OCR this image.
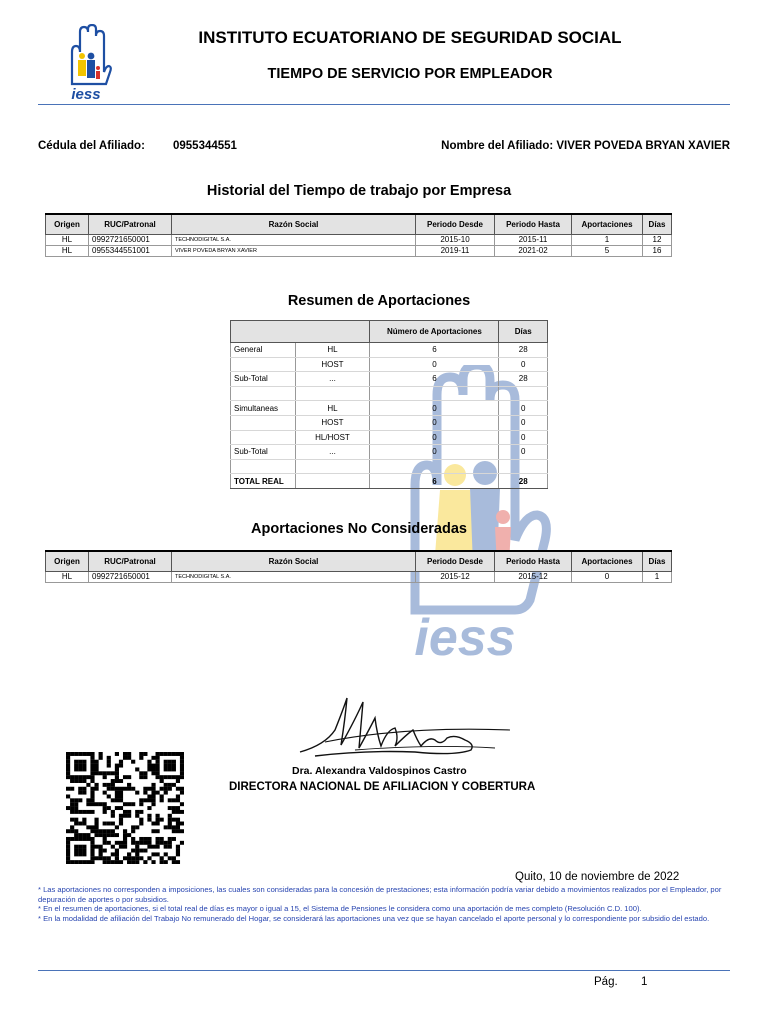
iess
iess
INSTITUTO ECUATORIANO DE SEGURIDAD SOCIAL
TIEMPO DE SERVICIO POR EMPLEADOR
Cédula del Afiliado: 0955344551	Nombre del Afiliado: VIVER POVEDA BRYAN XAVIER
Historial del Tiempo de trabajo por Empresa
Origen	RUC/Patronal	Razón Social	Periodo Desde	Periodo Hasta	Aportaciones	Días
HL	0992721650001	TECHNODIGITAL S.A.	2015-10	2015-11	1	12
HL	0955344551001	VIVER POVEDA BRYAN XAVIER	2019-11	2021-02	5	16
Resumen de Aportaciones
		Número de Aportaciones	Días
General	HL	6	28
	HOST	0	0
Sub-Total	...	6	28

Simultaneas	HL	0	0
	HOST	0	0
	HL/HOST	0	0
Sub-Total	...	0	0

TOTAL REAL		6	28
Aportaciones No Consideradas
Origen	RUC/Patronal	Razón Social	Periodo Desde	Periodo Hasta	Aportaciones	Días
HL	0992721650001	TECHNODIGITAL S.A.	2015-12	2015-12	0	1
Dra. Alexandra Valdospinos Castro
DIRECTORA NACIONAL DE AFILIACION Y COBERTURA
Quito, 10 de noviembre de 2022
* Las aportaciones no corresponden a imposiciones, las cuales son consideradas para la concesión de prestaciones; esta información podría variar debido a movimientos realizados por el Empleador, por depuración de aportes o por subsidios.
* En el resumen de aportaciones, si el total real de días es mayor o igual a 15, el Sistema de Pensiones le considera como una aportación de mes completo (Resolución C.D. 100).
* En la modalidad de afiliación del Trabajo No remunerado del Hogar, se considerará las aportaciones una vez que se hayan cancelado el aporte personal y lo correspondiente por subsidio del estado.
Pág. 1
